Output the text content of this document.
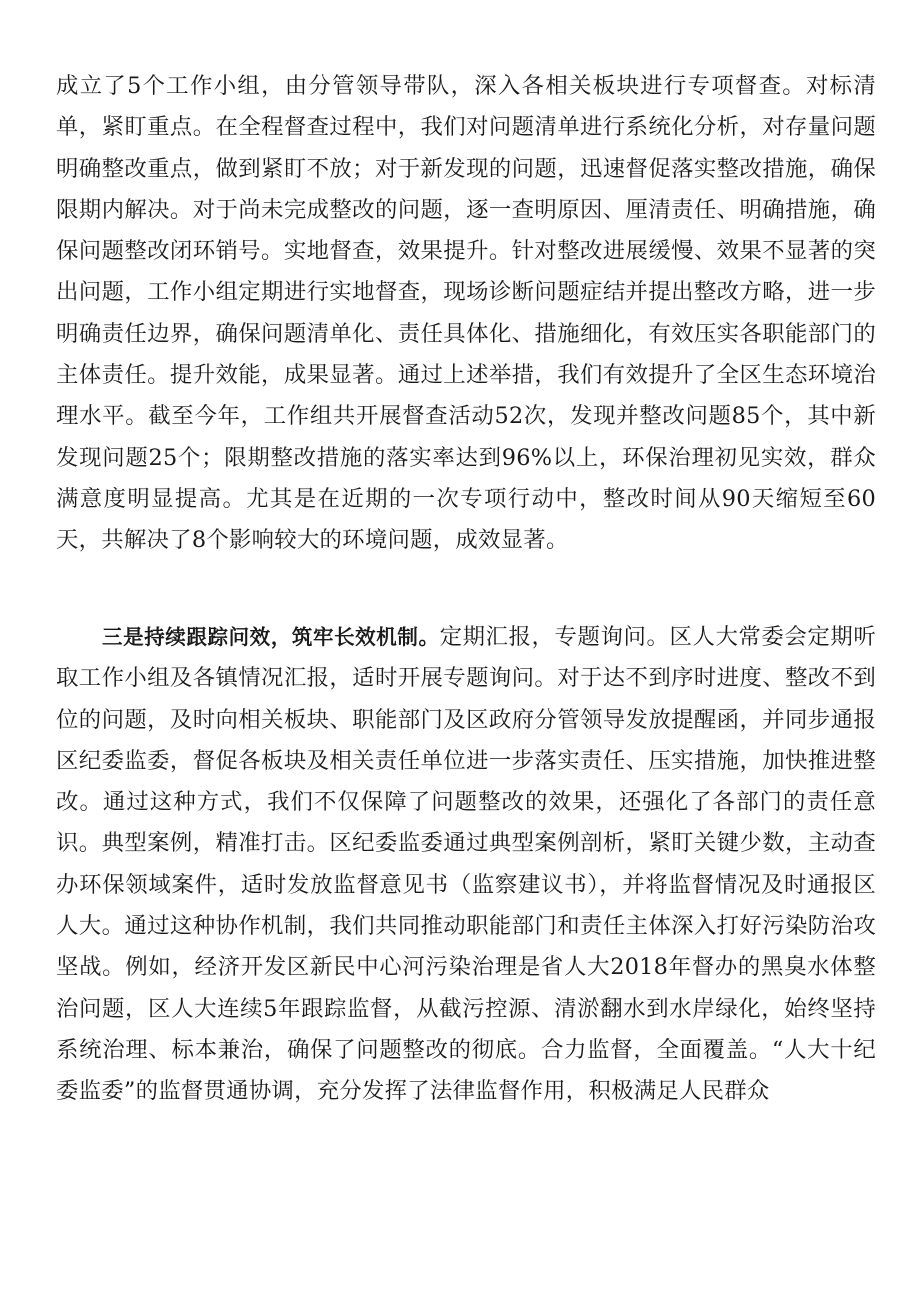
成立了5个工作小组，由分管领导带队，深入各相关板块进行专项督查。对标清单，紧盯重点。在全程督查过程中，我们对问题清单进行系统化分析，对存量问题明确整改重点，做到紧盯不放；对于新发现的问题，迅速督促落实整改措施，确保限期内解决。对于尚未完成整改的问题，逐一查明原因、厘清责任、明确措施，确保问题整改闭环销号。实地督查，效果提升。针对整改进展缓慢、效果不显著的突出问题，工作小组定期进行实地督查，现场诊断问题症结并提出整改方略，进一步明确责任边界，确保问题清单化、责任具体化、措施细化，有效压实各职能部门的主体责任。提升效能，成果显著。通过上述举措，我们有效提升了全区生态环境治理水平。截至今年，工作组共开展督查活动52次，发现并整改问题85个，其中新发现问题25个；限期整改措施的落实率达到96%以上，环保治理初见实效，群众满意度明显提高。尤其是在近期的一次专项行动中，整改时间从90天缩短至60天，共解决了8个影响较大的环境问题，成效显著。

三是持续跟踪问效，筑牢长效机制。定期汇报，专题询问。区人大常委会定期听取工作小组及各镇情况汇报，适时开展专题询问。对于达不到序时进度、整改不到位的问题，及时向相关板块、职能部门及区政府分管领导发放提醒函，并同步通报区纪委监委，督促各板块及相关责任单位进一步落实责任、压实措施，加快推进整改。通过这种方式，我们不仅保障了问题整改的效果，还强化了各部门的责任意识。典型案例，精准打击。区纪委监委通过典型案例剖析，紧盯关键少数，主动查办环保领域案件，适时发放监督意见书（监察建议书），并将监督情况及时通报区人大。通过这种协作机制，我们共同推动职能部门和责任主体深入打好污染防治攻坚战。例如，经济开发区新民中心河污染治理是省人大2018年督办的黑臭水体整治问题，区人大连续5年跟踪监督，从截污控源、清淤翻水到水岸绿化，始终坚持系统治理、标本兼治，确保了问题整改的彻底。合力监督，全面覆盖。“人大十纪委监委”的监督贯通协调，充分发挥了法律监督作用，积极满足人民群众
